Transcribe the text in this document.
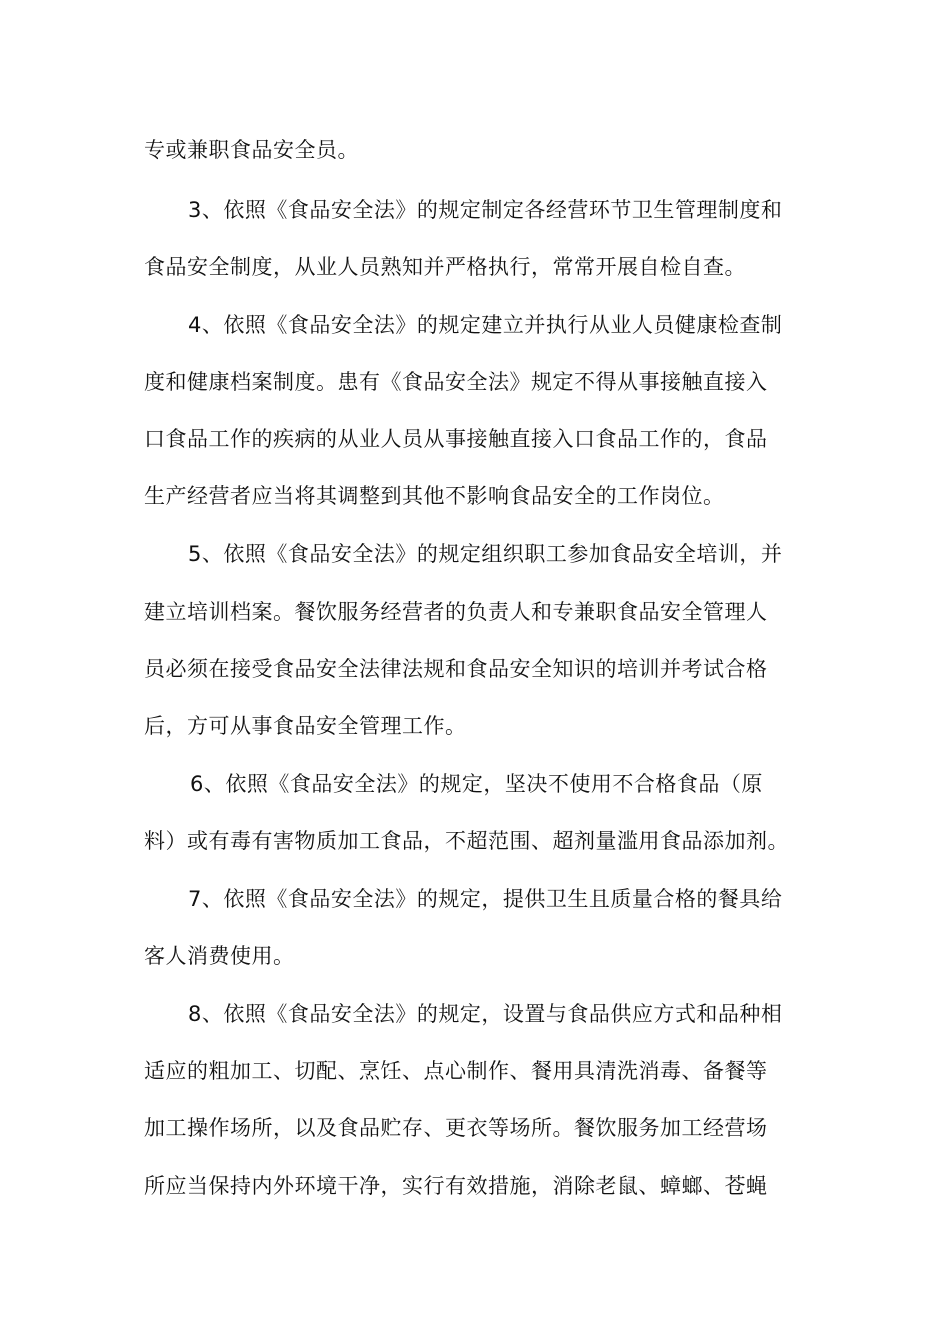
专或兼职食品安全员。
3、依照《食品安全法》的规定制定各经营环节卫生管理制度和
食品安全制度，从业人员熟知并严格执行，常常开展自检自查。
4、依照《食品安全法》的规定建立并执行从业人员健康检查制
度和健康档案制度。患有《食品安全法》规定不得从事接触直接入
口食品工作的疾病的从业人员从事接触直接入口食品工作的，食品
生产经营者应当将其调整到其他不影响食品安全的工作岗位。
5、依照《食品安全法》的规定组织职工参加食品安全培训，并
建立培训档案。餐饮服务经营者的负责人和专兼职食品安全管理人
员必须在接受食品安全法律法规和食品安全知识的培训并考试合格
后，方可从事食品安全管理工作。
6、依照《食品安全法》的规定，坚决不使用不合格食品（原
料）或有毒有害物质加工食品，不超范围、超剂量滥用食品添加剂。
7、依照《食品安全法》的规定，提供卫生且质量合格的餐具给
客人消费使用。
8、依照《食品安全法》的规定，设置与食品供应方式和品种相
适应的粗加工、切配、烹饪、点心制作、餐用具清洗消毒、备餐等
加工操作场所，以及食品贮存、更衣等场所。餐饮服务加工经营场
所应当保持内外环境干净，实行有效措施，消除老鼠、蟑螂、苍蝇
